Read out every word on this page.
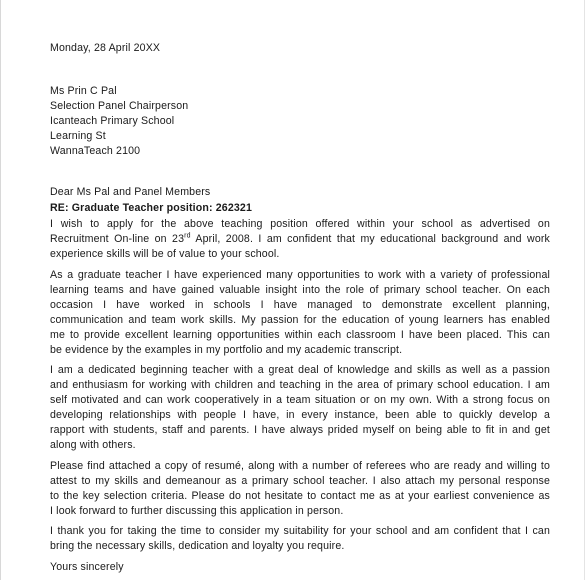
Monday, 28 April 20XX
Ms Prin C Pal
Selection Panel Chairperson
Icanteach Primary School
Learning St
WannaTeach 2100
Dear Ms Pal and Panel Members
RE: Graduate Teacher position: 262321
I wish to apply for the above teaching position offered within your school as advertised on
Recruitment On-line on 23rd April, 2008. I am confident that my educational background and work
experience skills will be of value to your school.
As a graduate teacher I have experienced many opportunities to work with a variety of professional
learning teams and have gained valuable insight into the role of primary school teacher. On each
occasion I have worked in schools I have managed to demonstrate excellent planning,
communication and team work skills. My passion for the education of young learners has enabled
me to provide excellent learning opportunities within each classroom I have been placed. This can
be evidence by the examples in my portfolio and my academic transcript.
I am a dedicated beginning teacher with a great deal of knowledge and skills as well as a passion
and enthusiasm for working with children and teaching in the area of primary school education. I am
self motivated and can work cooperatively in a team situation or on my own. With a strong focus on
developing relationships with people I have, in every instance, been able to quickly develop a
rapport with students, staff and parents. I have always prided myself on being able to fit in and get
along with others.
Please find attached a copy of resumé, along with a number of referees who are ready and willing to
attest to my skills and demeanour as a primary school teacher. I also attach my personal response
to the key selection criteria. Please do not hesitate to contact me as at your earliest convenience as
I look forward to further discussing this application in person.
I thank you for taking the time to consider my suitability for your school and am confident that I can
bring the necessary skills, dedication and loyalty you require.
Yours sincerely
